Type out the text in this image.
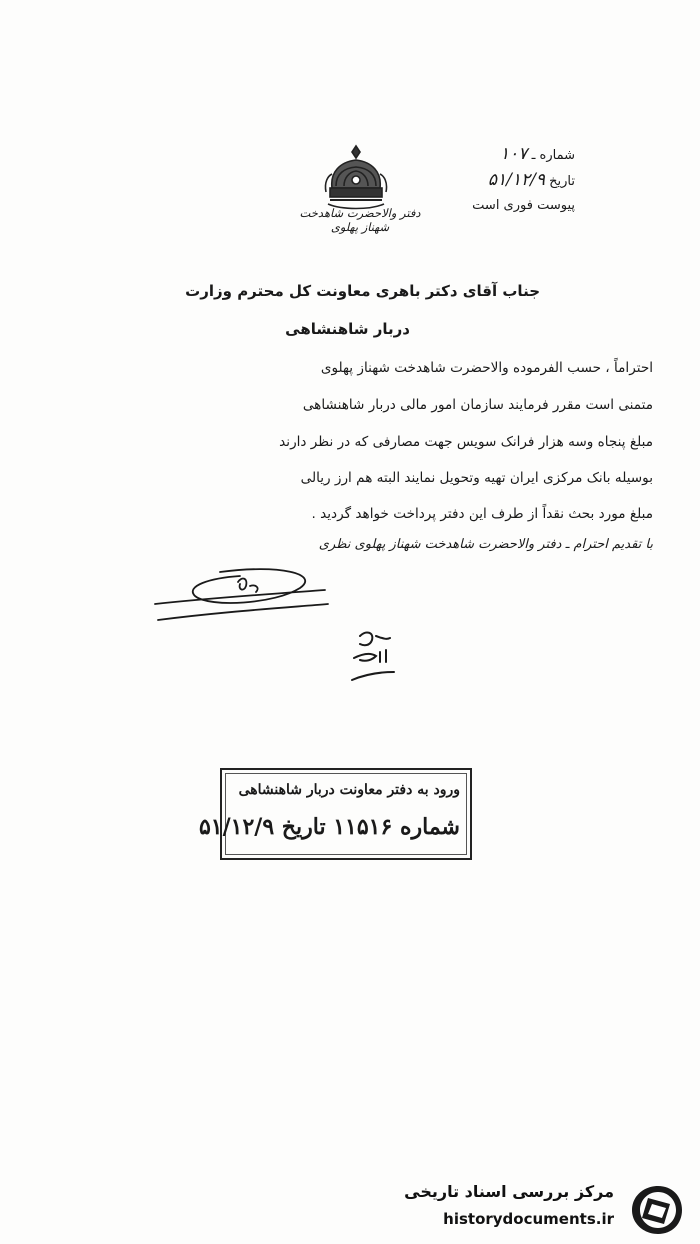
شماره ـ ۱۰۷
تاریخ ۵۱/۱۲/۹
پیوست فوری است
دفتر والاحضرت شاهدخت شهناز پهلوی
جناب آقای دکتر باهری معاونت کل محترم وزارت
دربار شاهنشاهی
احتراماً ، حسب الفرموده والاحضرت شاهدخت شهناز پهلوی
متمنی است مقرر فرمایند سازمان امور مالی دربار شاهنشاهی
مبلغ پنجاه وسه هزار فرانک سویس جهت مصارفی که در نظر دارند
بوسیله بانک مرکزی ایران تهیه وتحویل نمایند البته هم ارز ریالی
مبلغ مورد بحث نقداً از طرف این دفتر پرداخت خواهد گردید .
با تقدیم احترام ـ دفتر والاحضرت شاهدخت شهناز پهلوی نظری
ورود به دفتر معاونت دربار شاهنشاهی
شماره ۱۱۵۱۶ تاریخ ۵۱/۱۲/۹
مرکز بررسی اسناد تاریخی
historydocuments.ir
